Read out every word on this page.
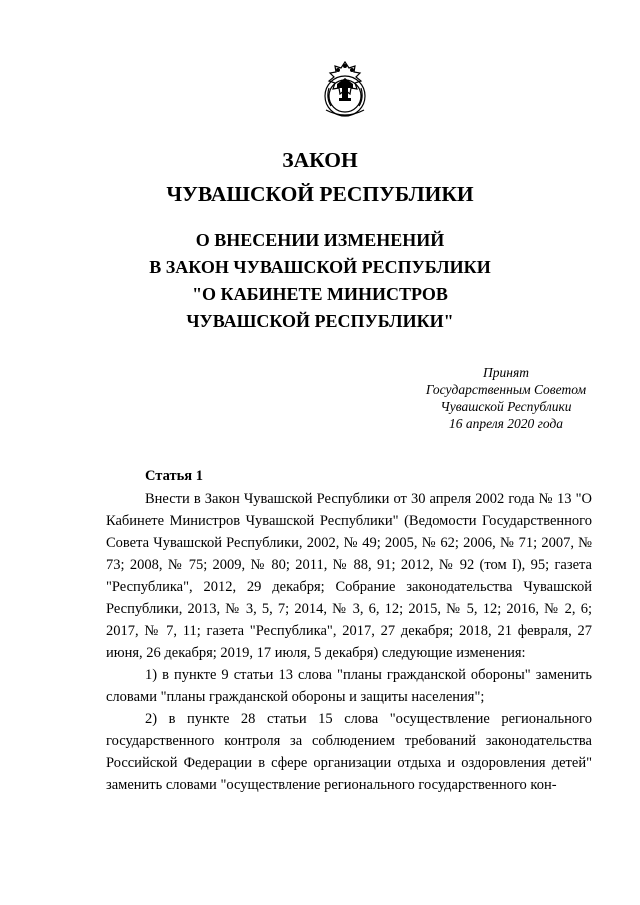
ЗАКОН
ЧУВАШСКОЙ РЕСПУБЛИКИ
О ВНЕСЕНИИ ИЗМЕНЕНИЙ
В ЗАКОН ЧУВАШСКОЙ РЕСПУБЛИКИ
"О КАБИНЕТЕ МИНИСТРОВ
ЧУВАШСКОЙ РЕСПУБЛИКИ"
Принят
Государственным Советом
Чувашской Республики
16 апреля 2020 года
Статья 1

Внести в Закон Чувашской Республики от 30 апреля 2002 года № 13 "О Кабинете Министров Чувашской Республики" (Ведомости Государственного Совета Чувашской Республики, 2002, № 49; 2005, № 62; 2006, № 71; 2007, № 73; 2008, № 75; 2009, № 80; 2011, № 88, 91; 2012, № 92 (том I), 95; газета "Республика", 2012, 29 декабря; Собрание законодательства Чувашской Республики, 2013, № 3, 5, 7; 2014, № 3, 6, 12; 2015, № 5, 12; 2016, № 2, 6; 2017, № 7, 11; газета "Республика", 2017, 27 декабря; 2018, 21 февраля, 27 июня, 26 декабря; 2019, 17 июля, 5 декабря) следующие изменения:

1) в пункте 9 статьи 13 слова "планы гражданской обороны" заменить словами "планы гражданской обороны и защиты населения";

2) в пункте 28 статьи 15 слова "осуществление регионального государственного контроля за соблюдением требований законодательства Российской Федерации в сфере организации отдыха и оздоровления детей" заменить словами "осуществление регионального государственного кон-
